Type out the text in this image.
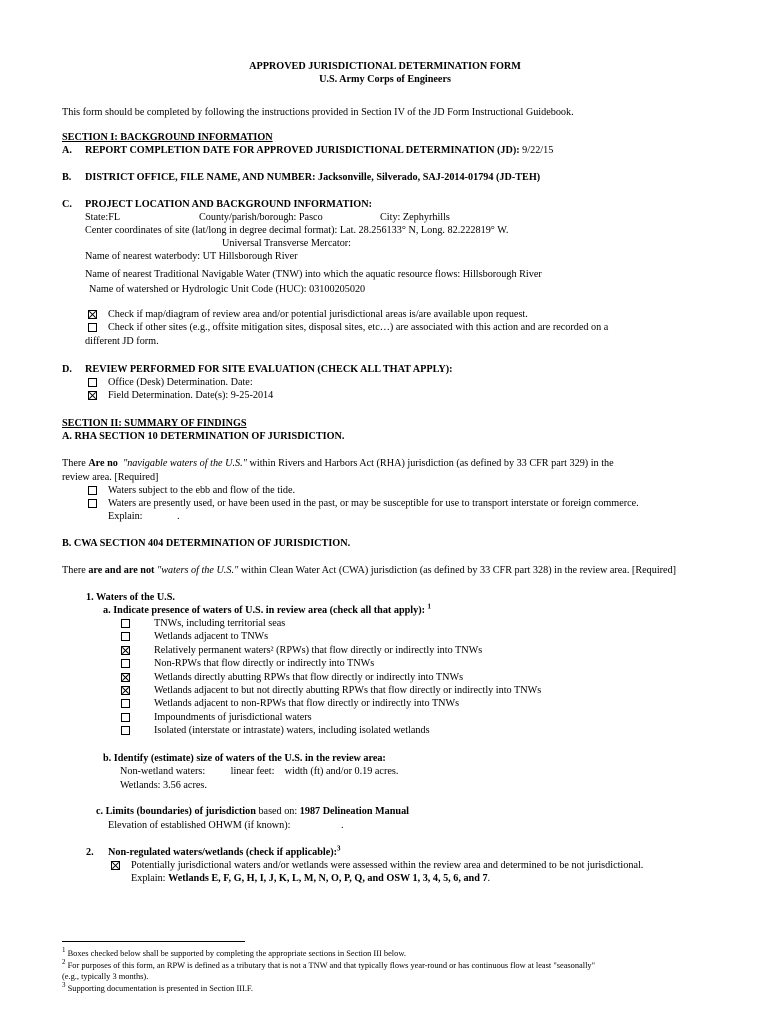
APPROVED JURISDICTIONAL DETERMINATION FORM
U.S. Army Corps of Engineers
This form should be completed by following the instructions provided in Section IV of the JD Form Instructional Guidebook.
SECTION I: BACKGROUND INFORMATION
A. REPORT COMPLETION DATE FOR APPROVED JURISDICTIONAL DETERMINATION (JD): 9/22/15
B. DISTRICT OFFICE, FILE NAME, AND NUMBER: Jacksonville, Silverado, SAJ-2014-01794 (JD-TEH)
C. PROJECT LOCATION AND BACKGROUND INFORMATION:
State:FL	County/parish/borough: Pasco	City: Zephyrhills
Center coordinates of site (lat/long in degree decimal format): Lat. 28.256133° N, Long. 82.222819° W.
Universal Transverse Mercator:
Name of nearest waterbody: UT Hillsborough River
Name of nearest Traditional Navigable Water (TNW) into which the aquatic resource flows: Hillsborough River
Name of watershed or Hydrologic Unit Code (HUC): 03100205020
Check if map/diagram of review area and/or potential jurisdictional areas is/are available upon request.
Check if other sites (e.g., offsite mitigation sites, disposal sites, etc…) are associated with this action and are recorded on a
different JD form.
D. REVIEW PERFORMED FOR SITE EVALUATION (CHECK ALL THAT APPLY):
Office (Desk) Determination. Date:
Field Determination. Date(s): 9-25-2014
SECTION II: SUMMARY OF FINDINGS
A. RHA SECTION 10 DETERMINATION OF JURISDICTION.
There Are no "navigable waters of the U.S." within Rivers and Harbors Act (RHA) jurisdiction (as defined by 33 CFR part 329) in the
review area. [Required]
Waters subject to the ebb and flow of the tide.
Waters are presently used, or have been used in the past, or may be susceptible for use to transport interstate or foreign commerce.
Explain:	.
B. CWA SECTION 404 DETERMINATION OF JURISDICTION.
There are and are not "waters of the U.S." within Clean Water Act (CWA) jurisdiction (as defined by 33 CFR part 328) in the review area. [Required]
1. Waters of the U.S.
a. Indicate presence of waters of U.S. in review area (check all that apply): $^1$
TNWs, including territorial seas
Wetlands adjacent to TNWs
Relatively permanent waters² (RPWs) that flow directly or indirectly into TNWs
Non-RPWs that flow directly or indirectly into TNWs
Wetlands directly abutting RPWs that flow directly or indirectly into TNWs
Wetlands adjacent to but not directly abutting RPWs that flow directly or indirectly into TNWs
Wetlands adjacent to non-RPWs that flow directly or indirectly into TNWs
Impoundments of jurisdictional waters
Isolated (interstate or intrastate) waters, including isolated wetlands
b. Identify (estimate) size of waters of the U.S. in the review area:
Non-wetland waters:          linear feet:    width (ft) and/or 0.19 acres.
Wetlands: 3.56 acres.
c. Limits (boundaries) of jurisdiction based on: 1987 Delineation Manual
Elevation of established OHWM (if known):	.
2. Non-regulated waters/wetlands (check if applicable):$^3$
Potentially jurisdictional waters and/or wetlands were assessed within the review area and determined to be not jurisdictional.
Explain: Wetlands E, F, G, H, I, J, K, L, M, N, O, P, Q, and OSW 1, 3, 4, 5, 6, and 7.
$^1$ Boxes checked below shall be supported by completing the appropriate sections in Section III below.
$^2$ For purposes of this form, an RPW is defined as a tributary that is not a TNW and that typically flows year-round or has continuous flow at least "seasonally"
(e.g., typically 3 months).
$^3$ Supporting documentation is presented in Section III.F.
